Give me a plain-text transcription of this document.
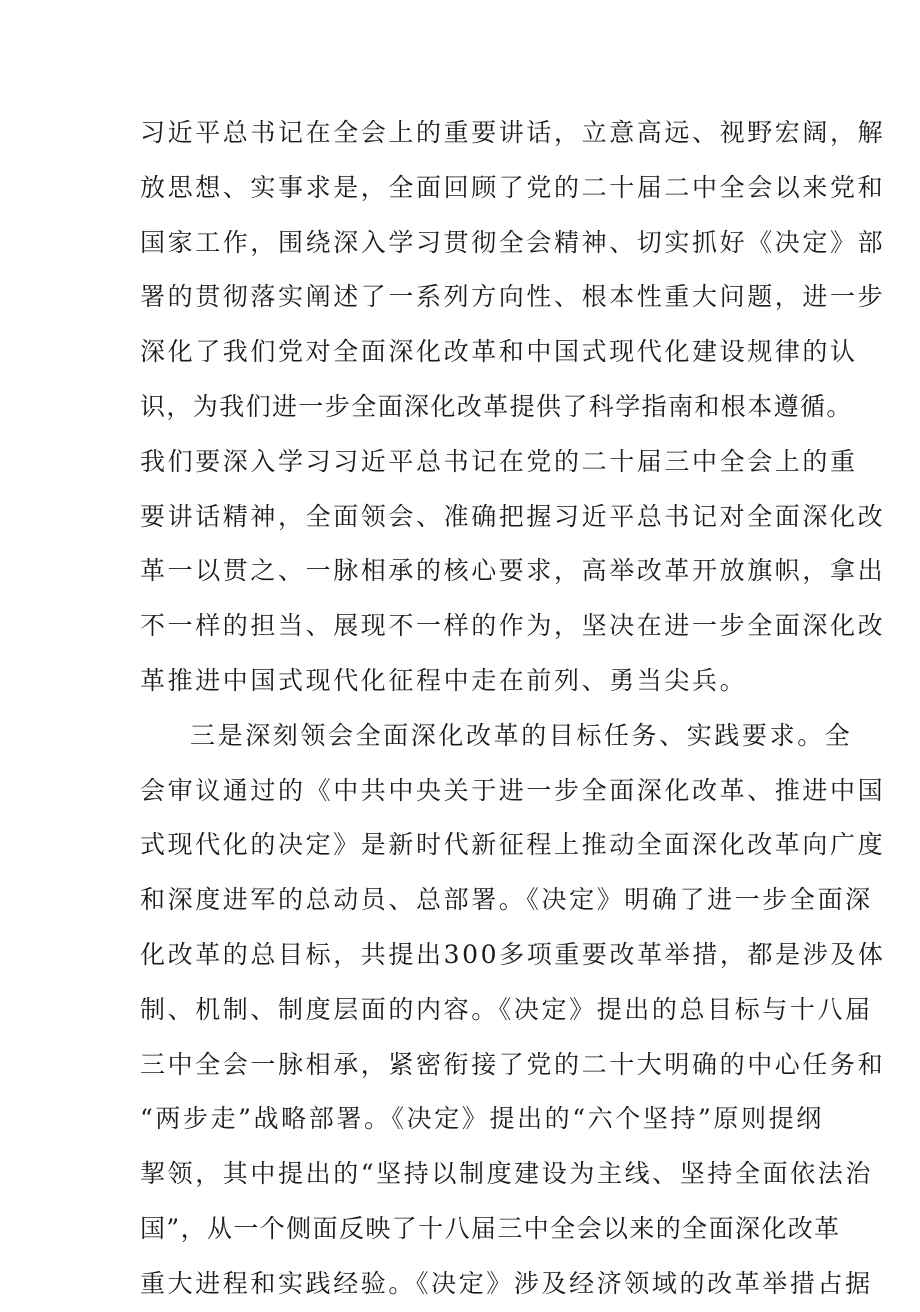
习近平总书记在全会上的重要讲话，立意高远、视野宏阔，解
放思想、实事求是，全面回顾了党的二十届二中全会以来党和
国家工作，围绕深入学习贯彻全会精神、切实抓好《决定》部
署的贯彻落实阐述了一系列方向性、根本性重大问题，进一步
深化了我们党对全面深化改革和中国式现代化建设规律的认
识，为我们进一步全面深化改革提供了科学指南和根本遵循。
我们要深入学习习近平总书记在党的二十届三中全会上的重
要讲话精神，全面领会、准确把握习近平总书记对全面深化改
革一以贯之、一脉相承的核心要求，高举改革开放旗帜，拿出
不一样的担当、展现不一样的作为，坚决在进一步全面深化改
革推进中国式现代化征程中走在前列、勇当尖兵。
三是深刻领会全面深化改革的目标任务、实践要求。全
会审议通过的《中共中央关于进一步全面深化改革、推进中国
式现代化的决定》是新时代新征程上推动全面深化改革向广度
和深度进军的总动员、总部署。《决定》明确了进一步全面深
化改革的总目标，共提出300多项重要改革举措，都是涉及体
制、机制、制度层面的内容。《决定》提出的总目标与十八届
三中全会一脉相承，紧密衔接了党的二十大明确的中心任务和
“两步走”战略部署。《决定》提出的“六个坚持”原则提纲
挈领，其中提出的“坚持以制度建设为主线、坚持全面依法治
国”，从一个侧面反映了十八届三中全会以来的全面深化改革
重大进程和实践经验。《决定》涉及经济领域的改革举措占据
